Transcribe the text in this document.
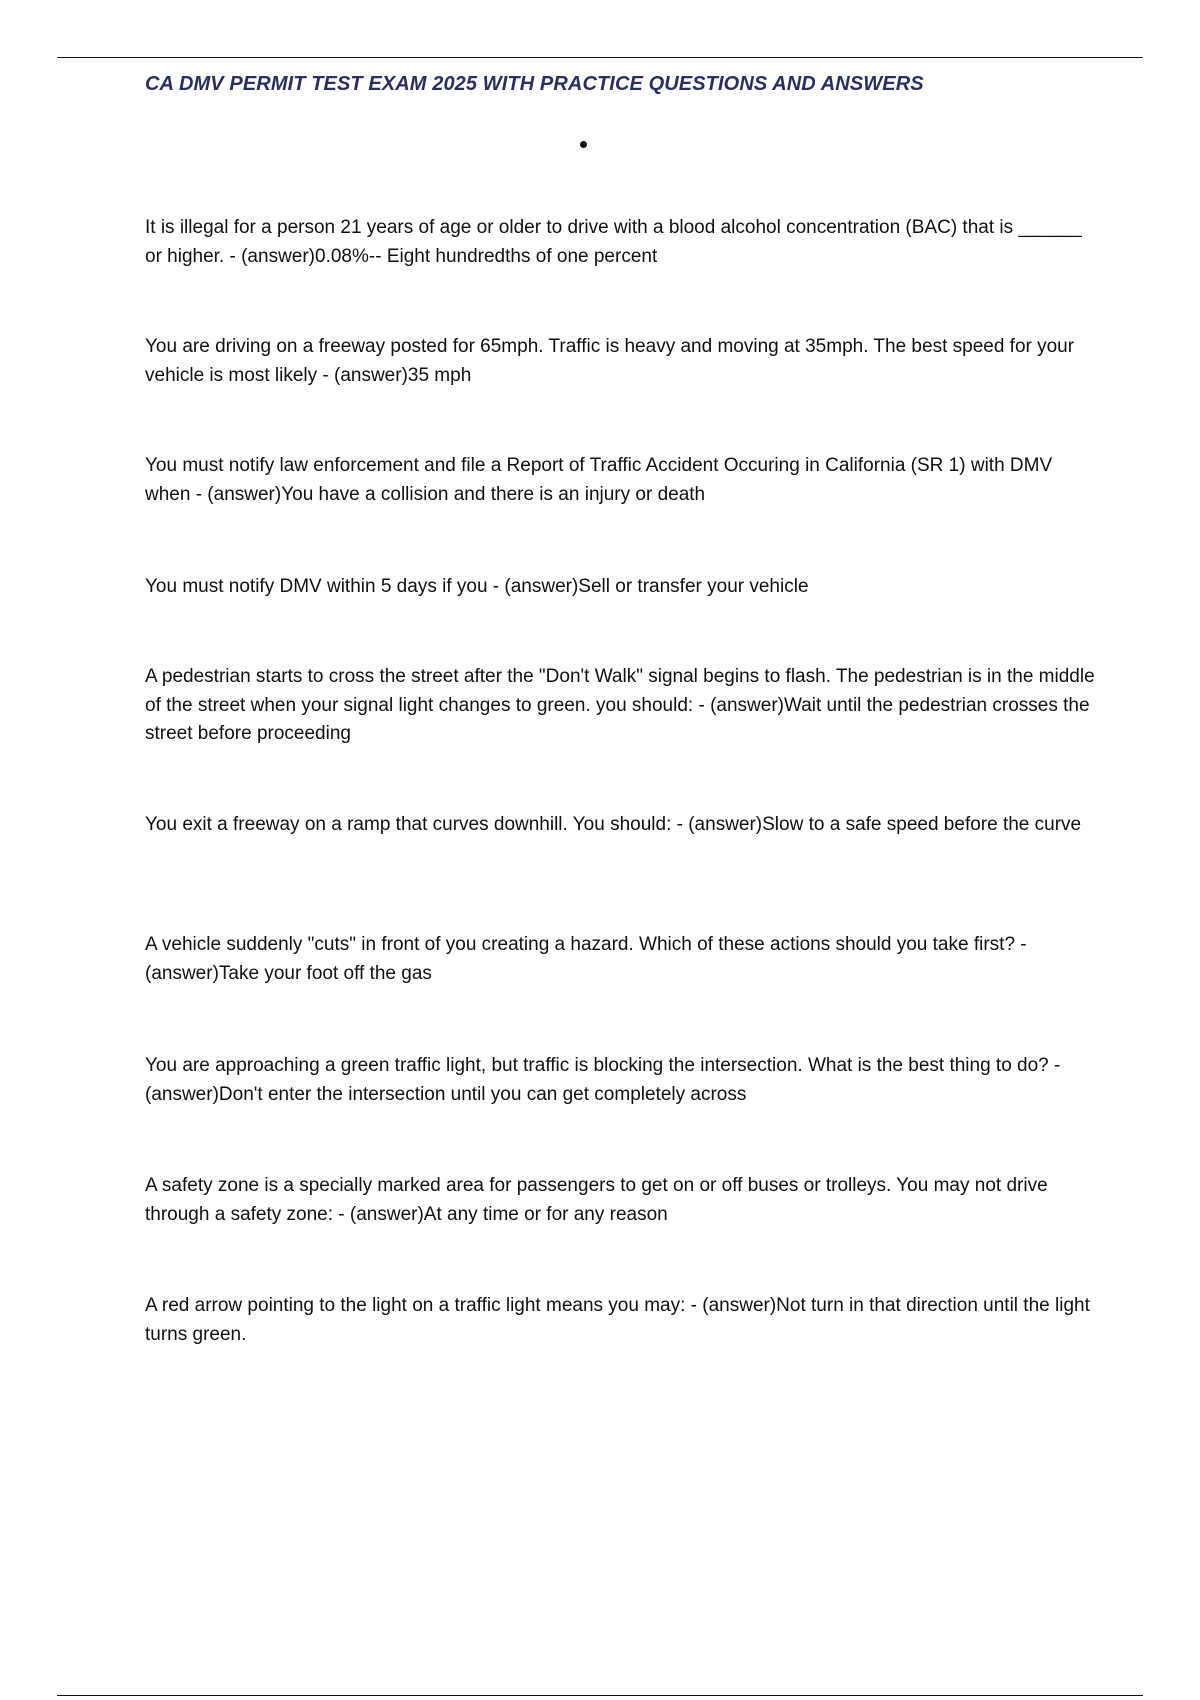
CA DMV PERMIT TEST EXAM 2025 WITH PRACTICE QUESTIONS AND ANSWERS

It is illegal for a person 21 years of age or older to drive with a blood alcohol concentration (BAC) that is ______ or higher. - (answer)0.08%-- Eight hundredths of one percent

You are driving on a freeway posted for 65mph. Traffic is heavy and moving at 35mph. The best speed for your vehicle is most likely - (answer)35 mph

You must notify law enforcement and file a Report of Traffic Accident Occuring in California (SR 1) with DMV when - (answer)You have a collision and there is an injury or death

You must notify DMV within 5 days if you - (answer)Sell or transfer your vehicle

A pedestrian starts to cross the street after the "Don't Walk" signal begins to flash. The pedestrian is in the middle of the street when your signal light changes to green. you should: - (answer)Wait until the pedestrian crosses the street before proceeding

You exit a freeway on a ramp that curves downhill. You should: - (answer)Slow to a safe speed before the curve

A vehicle suddenly "cuts" in front of you creating a hazard. Which of these actions should you take first? - (answer)Take your foot off the gas

You are approaching a green traffic light, but traffic is blocking the intersection. What is the best thing to do? - (answer)Don't enter the intersection until you can get completely across

A safety zone is a specially marked area for passengers to get on or off buses or trolleys. You may not drive through a safety zone: - (answer)At any time or for any reason

A red arrow pointing to the light on a traffic light means you may: - (answer)Not turn in that direction until the light turns green.
